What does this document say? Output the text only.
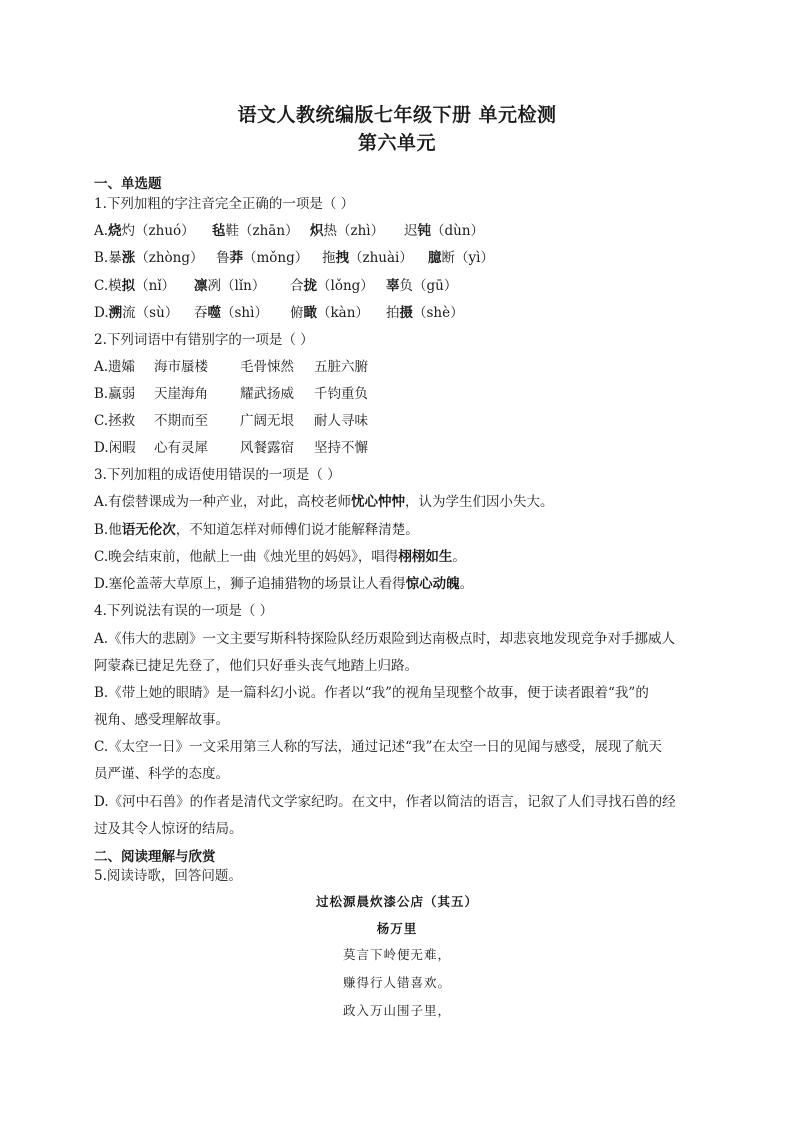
语文人教统编版七年级下册 单元检测
第六单元
一、单选题
1.下列加粗的字注音完全正确的一项是（ ）
A.烧灼（zhuó） 毡鞋（zhān） 炽热（zhì） 迟钝（dùn）
B.暴涨（zhòng） 鲁莽（mǒng） 拖拽（zhuài） 臆断（yì）
C.模拟（nǐ） 凛冽（lǐn） 合拢（lǒng） 辜负（gū）
D.溯流（sù） 吞噬（shì） 俯瞰（kàn） 拍摄（shè）
2.下列词语中有错别字的一项是（ ）
A.遗孀 海市蜃楼 毛骨悚然 五脏六腑
B.赢弱 天崖海角 耀武扬威 千钧重负
C.拯救 不期而至 广阔无垠 耐人寻味
D.闲暇 心有灵犀 风餐露宿 坚持不懈
3.下列加粗的成语使用错误的一项是（ ）
A.有偿替课成为一种产业，对此，高校老师忧心忡忡，认为学生们因小失大。
B.他语无伦次，不知道怎样对师傅们说才能解释清楚。
C.晚会结束前，他献上一曲《烛光里的妈妈》，唱得栩栩如生。
D.塞伦盖蒂大草原上，狮子追捕猎物的场景让人看得惊心动魄。
4.下列说法有误的一项是（ ）
A.《伟大的悲剧》一文主要写斯科特探险队经历艰险到达南极点时，却悲哀地发现竞争对手挪威人
阿蒙森已捷足先登了，他们只好垂头丧气地踏上归路。
B.《带上她的眼睛》是一篇科幻小说。作者以“我”的视角呈现整个故事，便于读者跟着“我”的
视角、感受理解故事。
C.《太空一日》一文采用第三人称的写法，通过记述“我”在太空一日的见闻与感受，展现了航天
员严谨、科学的态度。
D.《河中石兽》的作者是清代文学家纪昀。在文中，作者以简洁的语言，记叙了人们寻找石兽的经
过及其令人惊讶的结局。
二、阅读理解与欣赏
5.阅读诗歌，回答问题。
过松源晨炊漆公店（其五）
杨万里
莫言下岭便无难，
赚得行人错喜欢。
政入万山围子里，
